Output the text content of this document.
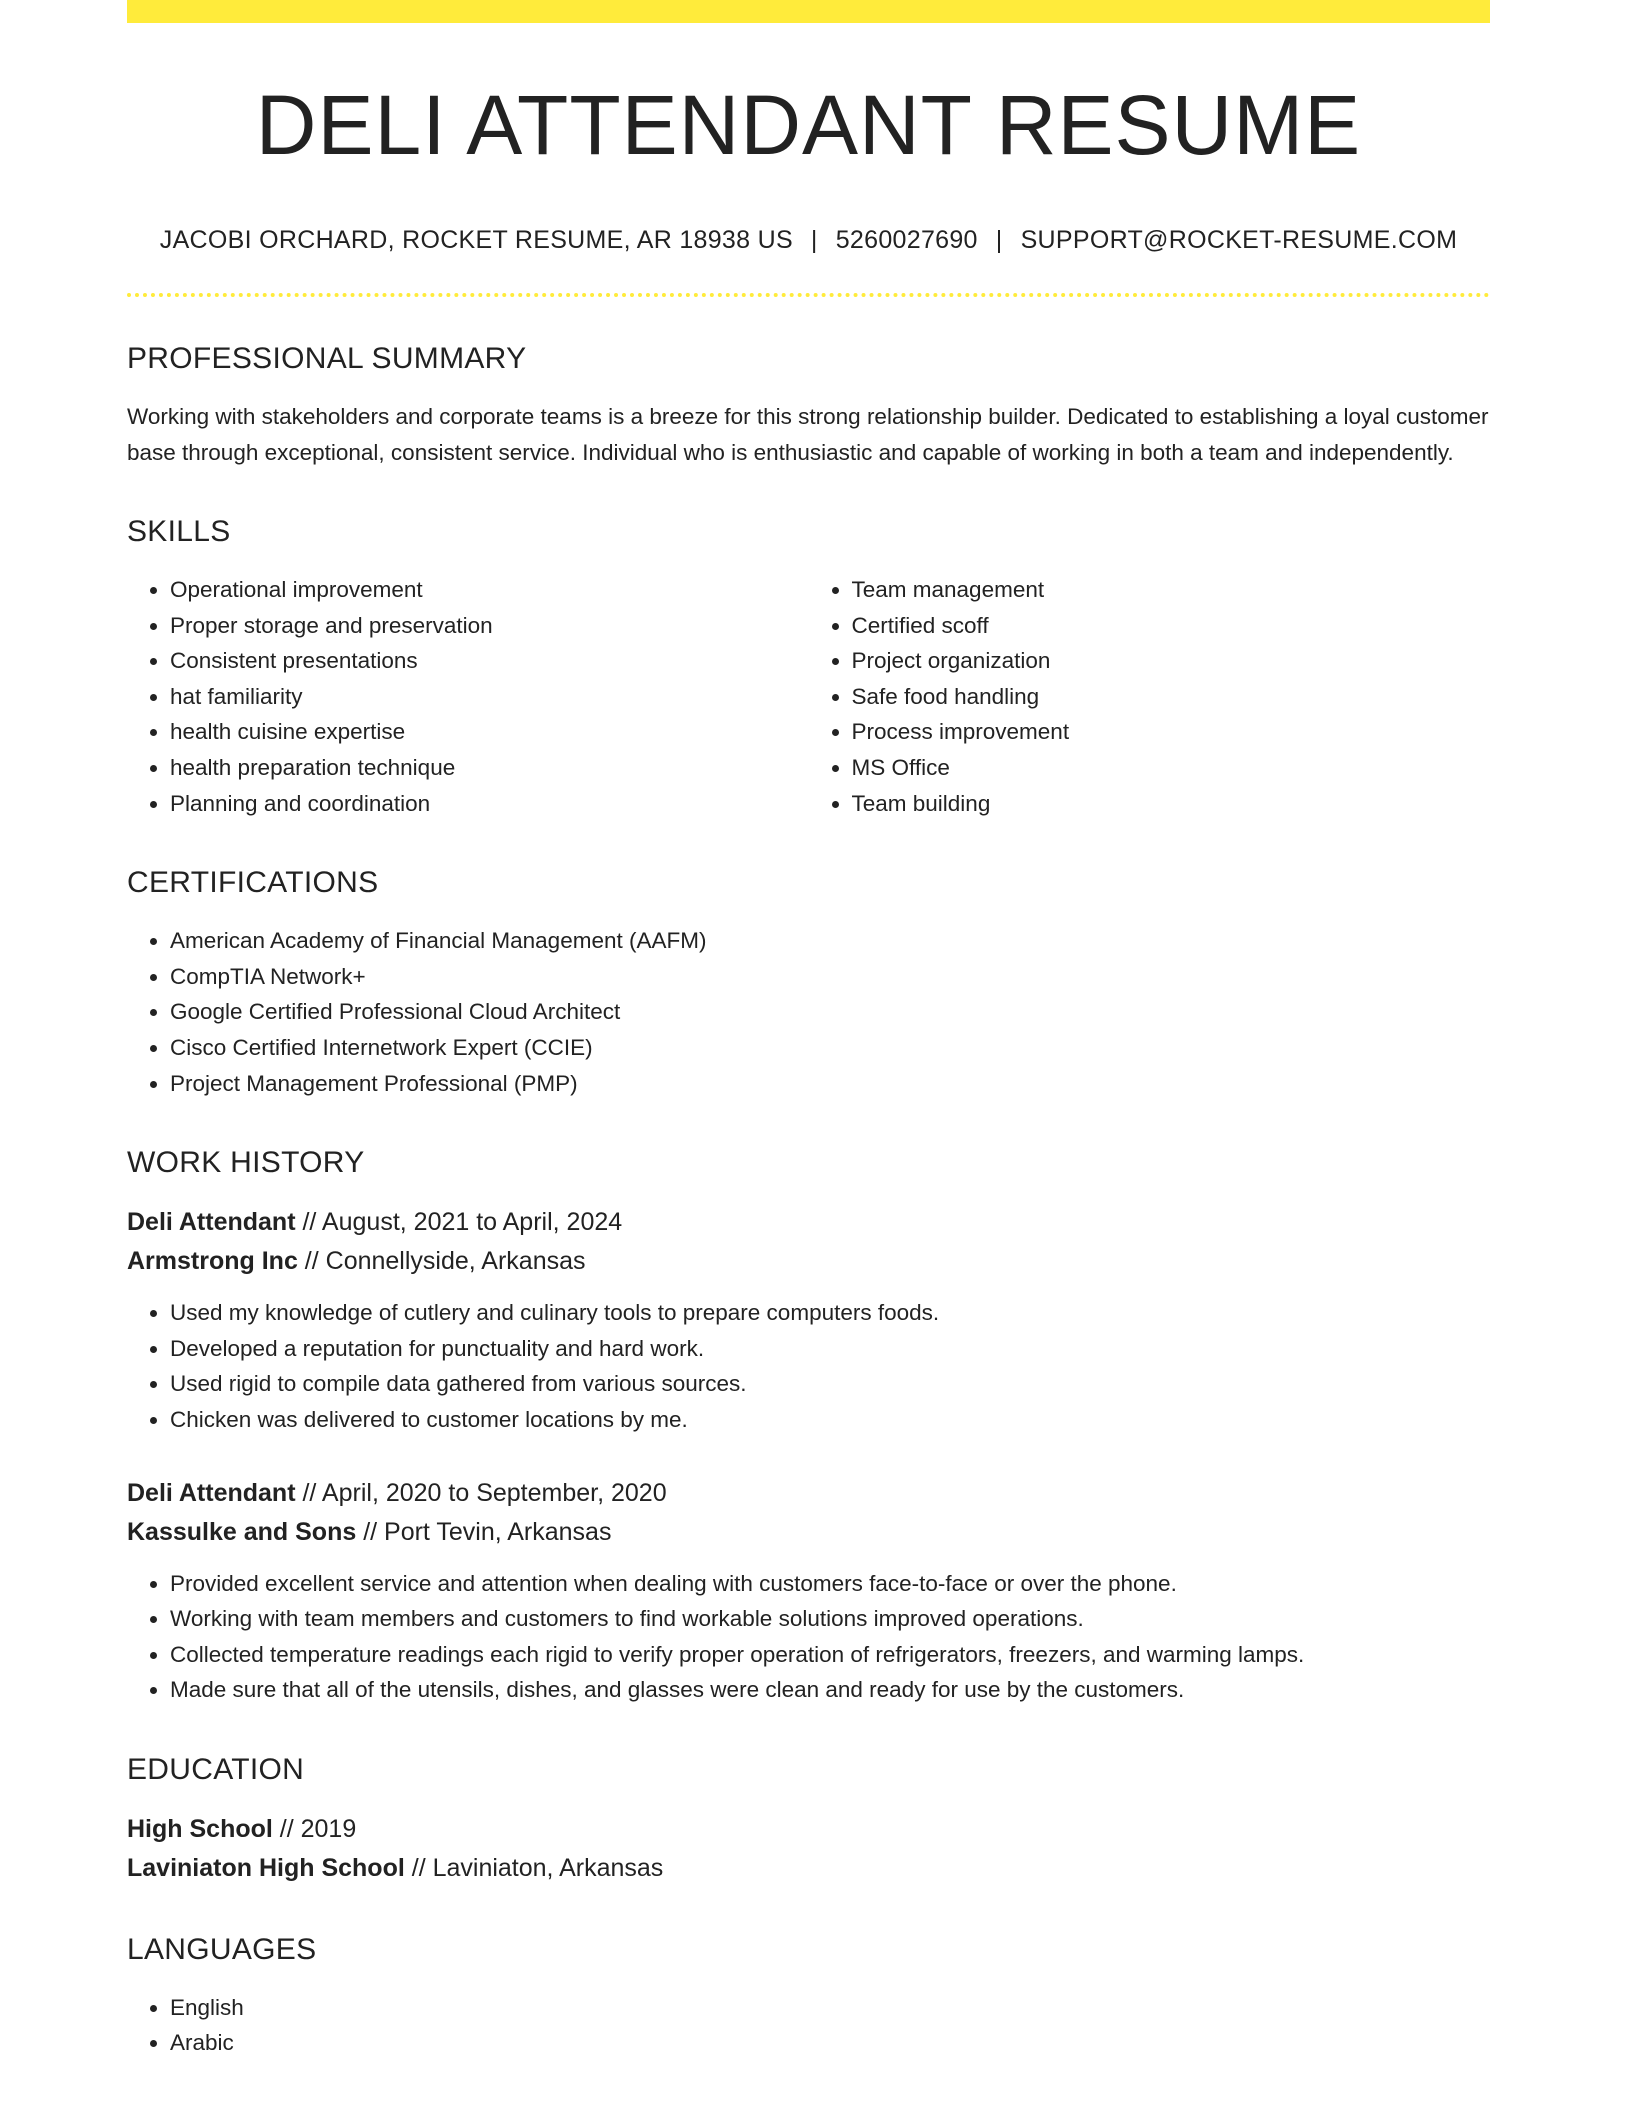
DELI ATTENDANT RESUME
JACOBI ORCHARD, ROCKET RESUME, AR 18938 US | 5260027690 | SUPPORT@ROCKET-RESUME.COM
PROFESSIONAL SUMMARY
Working with stakeholders and corporate teams is a breeze for this strong relationship builder. Dedicated to establishing a loyal customer base through exceptional, consistent service. Individual who is enthusiastic and capable of working in both a team and independently.
SKILLS
• Operational improvement
• Proper storage and preservation
• Consistent presentations
• hat familiarity
• health cuisine expertise
• health preparation technique
• Planning and coordination
• Team management
• Certified scoff
• Project organization
• Safe food handling
• Process improvement
• MS Office
• Team building
CERTIFICATIONS
• American Academy of Financial Management (AAFM)
• CompTIA Network+
• Google Certified Professional Cloud Architect
• Cisco Certified Internetwork Expert (CCIE)
• Project Management Professional (PMP)
WORK HISTORY
Deli Attendant // August, 2021 to April, 2024
Armstrong Inc // Connellyside, Arkansas
• Used my knowledge of cutlery and culinary tools to prepare computers foods.
• Developed a reputation for punctuality and hard work.
• Used rigid to compile data gathered from various sources.
• Chicken was delivered to customer locations by me.
Deli Attendant // April, 2020 to September, 2020
Kassulke and Sons // Port Tevin, Arkansas
• Provided excellent service and attention when dealing with customers face-to-face or over the phone.
• Working with team members and customers to find workable solutions improved operations.
• Collected temperature readings each rigid to verify proper operation of refrigerators, freezers, and warming lamps.
• Made sure that all of the utensils, dishes, and glasses were clean and ready for use by the customers.
EDUCATION
High School // 2019
Laviniaton High School // Laviniaton, Arkansas
LANGUAGES
• English
• Arabic
